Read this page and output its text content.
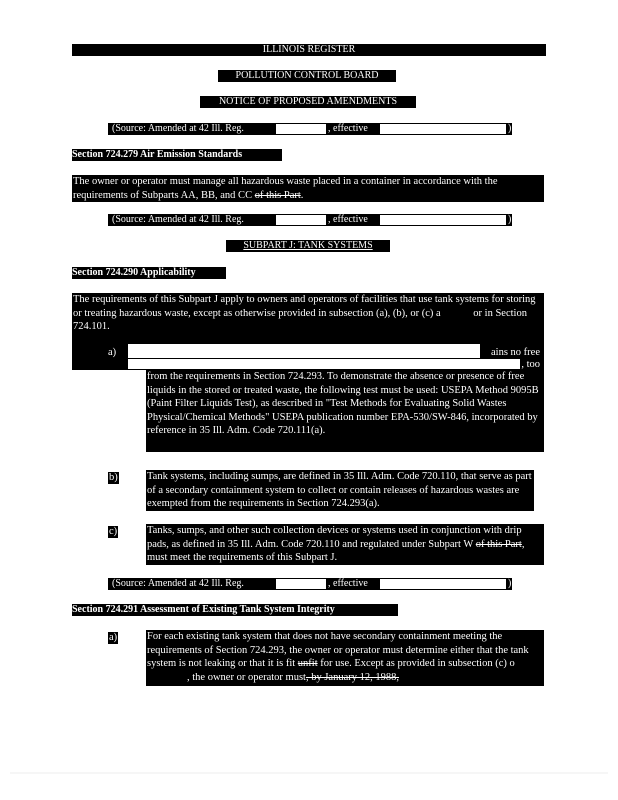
ILLINOIS REGISTER
POLLUTION CONTROL BOARD
NOTICE OF PROPOSED AMENDMENTS
(Source: Amended at 42 Ill. Reg.	, effective	)
Section 724.279 Air Emission Standards
The owner or operator must manage all hazardous waste placed in a container in accordance with the requirements of Subparts AA, BB, and CC of this Part.
(Source: Amended at 42 Ill. Reg.	, effective	)
SUBPART J: TANK SYSTEMS
Section 724.290 Applicability
The requirements of this Subpart J apply to owners and operators of facilities that use tank systems for storing or treating hazardous waste, except as otherwise provided in subsection (a), (b), or (c) a	or in Section 724.101.
a)	ains no free
, too
from the requirements in Section 724.293. To demonstrate the absence or presence of free liquids in the stored or treated waste, the following test must be used: USEPA Method 9095B (Paint Filter Liquids Test), as described in "Test Methods for Evaluating Solid Wastes Physical/Chemical Methods" USEPA publication number EPA-530/SW-846, incorporated by reference in 35 Ill. Adm. Code 720.111(a).
b)	Tank systems, including sumps, are defined in 35 Ill. Adm. Code 720.110, that serve as part of a secondary containment system to collect or contain releases of hazardous wastes are exempted from the requirements in Section 724.293(a).
c)	Tanks, sumps, and other such collection devices or systems used in conjunction with drip pads, as defined in 35 Ill. Adm. Code 720.110 and regulated under Subpart W of this Part, must meet the requirements of this Subpart J.
(Source: Amended at 42 Ill. Reg.	, effective	)
Section 724.291 Assessment of Existing Tank System Integrity
a)	For each existing tank system that does not have secondary containment meeting the requirements of Section 724.293, the owner or operator must determine either that the tank system is not leaking or that it is fit unfit for use. Except as provided in subsection (c) o, the owner or operator must, by January 12, 1988,
